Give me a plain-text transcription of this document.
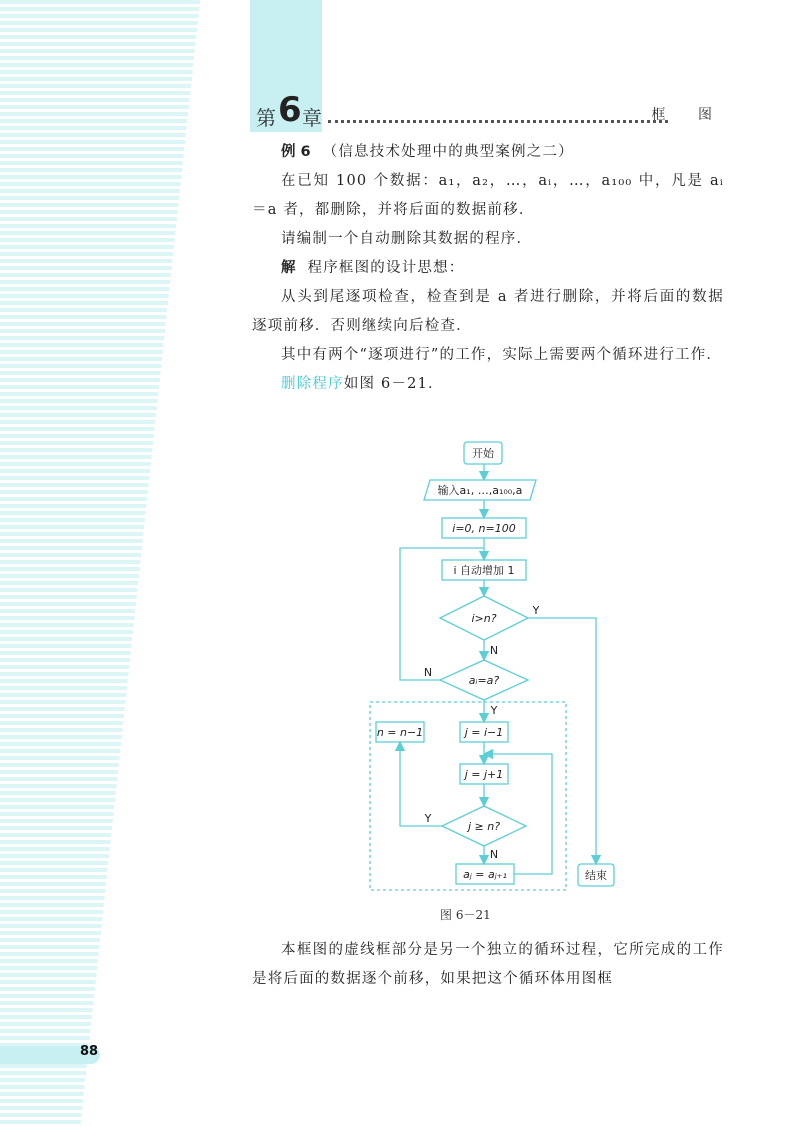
第 6 章	框 图

例 6 （信息技术处理中的典型案例之二）

在已知 100 个数据：a₁，a₂，…，aᵢ，…，a₁₀₀ 中，凡是 aᵢ＝a 者，都删除，并将后面的数据前移．

请编制一个自动删除其数据的程序．

解 程序框图的设计思想：

从头到尾逐项检查，检查到是 a 者进行删除，并将后面的数据逐项前移．否则继续向后检查．

其中有两个“逐项进行”的工作，实际上需要两个循环进行工作．

删除程序如图 6－21．

开始
输入a₁, …,a₁₀₀,a
i=0, n=100
i 自动增加 1
i>n?
aᵢ=a?
n = n−1	j = i−1
j = j+1
j ≥ n?
aⱼ = aⱼ₊₁	结束
Y
N
N
Y
Y
N
图 6－21

本框图的虚线框部分是另一个独立的循环过程，它所完成的工作是将后面的数据逐个前移，如果把这个循环体用图框

88
